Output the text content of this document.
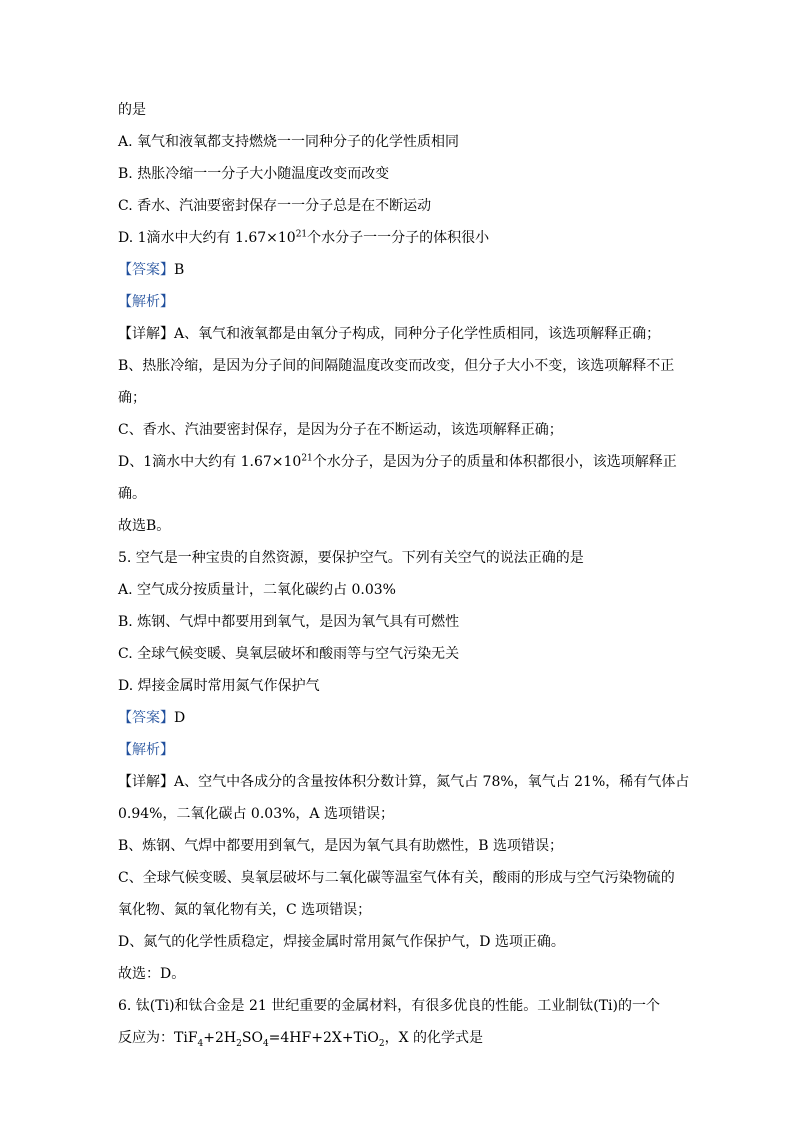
的是
A. 氧气和液氧都支持燃烧一一同种分子的化学性质相同
B. 热胀冷缩一一分子大小随温度改变而改变
C. 香水、汽油要密封保存一一分子总是在不断运动
D. 1滴水中大约有 $1.67\times 10^{21}$个水分子一一分子的体积很小
【答案】B
【解析】
【详解】A、氧气和液氧都是由氧分子构成，同种分子化学性质相同，该选项解释正确；
B、热胀冷缩，是因为分子间的间隔随温度改变而改变，但分子大小不变，该选项解释不正
确；
C、香水、汽油要密封保存，是因为分子在不断运动，该选项解释正确；
D、1滴水中大约有 $1.67\times 10^{21}$个水分子，是因为分子的质量和体积都很小，该选项解释正
确。
故选B。
5. 空气是一种宝贵的自然资源，要保护空气。下列有关空气的说法正确的是
A. 空气成分按质量计，二氧化碳约占 0.03%
B. 炼钢、气焊中都要用到氧气，是因为氧气具有可燃性
C. 全球气候变暖、臭氧层破坏和酸雨等与空气污染无关
D. 焊接金属时常用氮气作保护气
【答案】D
【解析】
【详解】A、空气中各成分的含量按体积分数计算，氮气占 78%，氧气占 21%，稀有气体占
0.94%，二氧化碳占 0.03%，A 选项错误；
B、炼钢、气焊中都要用到氧气，是因为氧气具有助燃性，B 选项错误；
C、全球气候变暖、臭氧层破坏与二氧化碳等温室气体有关，酸雨的形成与空气污染物硫的
氧化物、氮的氧化物有关，C 选项错误；
D、氮气的化学性质稳定，焊接金属时常用氮气作保护气，D 选项正确。
故选：D。
6. 钛(Ti)和钛合金是 21 世纪重要的金属材料，有很多优良的性能。工业制钛(Ti)的一个
反应为：$TiF_4+2H_2SO_4=4HF+2X+TiO_2$，X 的化学式是
